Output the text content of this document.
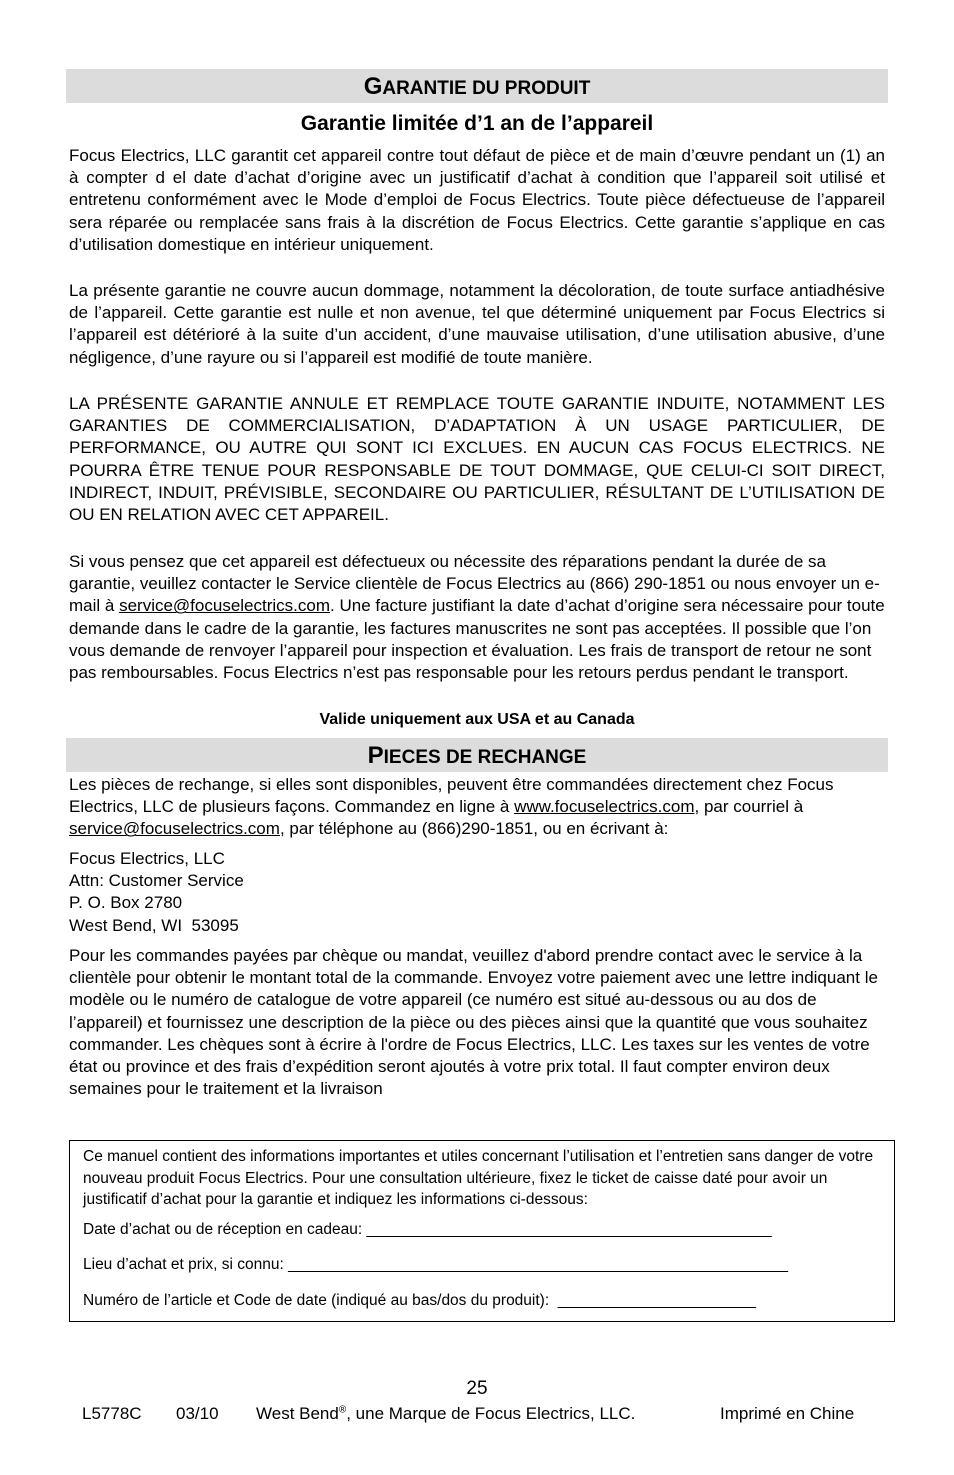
GARANTIE DU PRODUIT
Garantie limitée d’1 an de l’appareil

Focus Electrics, LLC garantit cet appareil contre tout défaut de pièce et de main d’œuvre pendant un (1) an à compter d el date d’achat d’origine avec un justificatif d’achat à condition que l’appareil soit utilisé et entretenu conformément avec le Mode d’emploi de Focus Electrics. Toute pièce défectueuse de l’appareil sera réparée ou remplacée sans frais à la discrétion de Focus Electrics. Cette garantie s’applique en cas d’utilisation domestique en intérieur uniquement.

La présente garantie ne couvre aucun dommage, notamment la décoloration, de toute surface antiadhésive de l’appareil. Cette garantie est nulle et non avenue, tel que déterminé uniquement par Focus Electrics si l’appareil est détérioré à la suite d’un accident, d’une mauvaise utilisation, d’une utilisation abusive, d’une négligence, d’une rayure ou si l’appareil est modifié de toute manière.

LA PRÉSENTE GARANTIE ANNULE ET REMPLACE TOUTE GARANTIE INDUITE, NOTAMMENT LES GARANTIES DE COMMERCIALISATION, D’ADAPTATION À UN USAGE PARTICULIER, DE PERFORMANCE, OU AUTRE QUI SONT ICI EXCLUES. EN AUCUN CAS FOCUS ELECTRICS. NE POURRA ÊTRE TENUE POUR RESPONSABLE DE TOUT DOMMAGE, QUE CELUI-CI SOIT DIRECT, INDIRECT, INDUIT, PRÉVISIBLE, SECONDAIRE OU PARTICULIER, RÉSULTANT DE L’UTILISATION DE OU EN RELATION AVEC CET APPAREIL.

Si vous pensez que cet appareil est défectueux ou nécessite des réparations pendant la durée de sa garantie, veuillez contacter le Service clientèle de Focus Electrics au (866) 290-1851 ou nous envoyer un e-mail à service@focuselectrics.com. Une facture justifiant la date d’achat d’origine sera nécessaire pour toute demande dans le cadre de la garantie, les factures manuscrites ne sont pas acceptées. Il possible que l’on vous demande de renvoyer l’appareil pour inspection et évaluation. Les frais de transport de retour ne sont pas remboursables. Focus Electrics n’est pas responsable pour les retours perdus pendant le transport.

Valide uniquement aux USA et au Canada
PIECES DE RECHANGE

Les pièces de rechange, si elles sont disponibles, peuvent être commandées directement chez Focus Electrics, LLC de plusieurs façons. Commandez en ligne à www.focuselectrics.com, par courriel à service@focuselectrics.com, par téléphone au (866)290-1851, ou en écrivant à:

Focus Electrics, LLC
Attn: Customer Service
P. O. Box 2780
West Bend, WI  53095

Pour les commandes payées par chèque ou mandat, veuillez d'abord prendre contact avec le service à la clientèle pour obtenir le montant total de la commande. Envoyez votre paiement avec une lettre indiquant le modèle ou le numéro de catalogue de votre appareil (ce numéro est situé au-dessous ou au dos de l’appareil) et fournissez une description de la pièce ou des pièces ainsi que la quantité que vous souhaitez commander. Les chèques sont à écrire à l'ordre de Focus Electrics, LLC. Les taxes sur les ventes de votre état ou province et des frais d’expédition seront ajoutés à votre prix total. Il faut compter environ deux semaines pour le traitement et la livraison

Ce manuel contient des informations importantes et utiles concernant l’utilisation et l’entretien sans danger de votre nouveau produit Focus Electrics. Pour une consultation ultérieure, fixez le ticket de caisse daté pour avoir un justificatif d’achat pour la garantie et indiquez les informations ci-dessous:
Date d’achat ou de réception en cadeau: _______________________________________________
Lieu d’achat et prix, si connu: __________________________________________________________
Numéro de l’article et Code de date (indiqué au bas/dos du produit):  _______________________
25
L5778C 03/10 West Bend®, une Marque de Focus Electrics, LLC.	Imprimé en Chine
